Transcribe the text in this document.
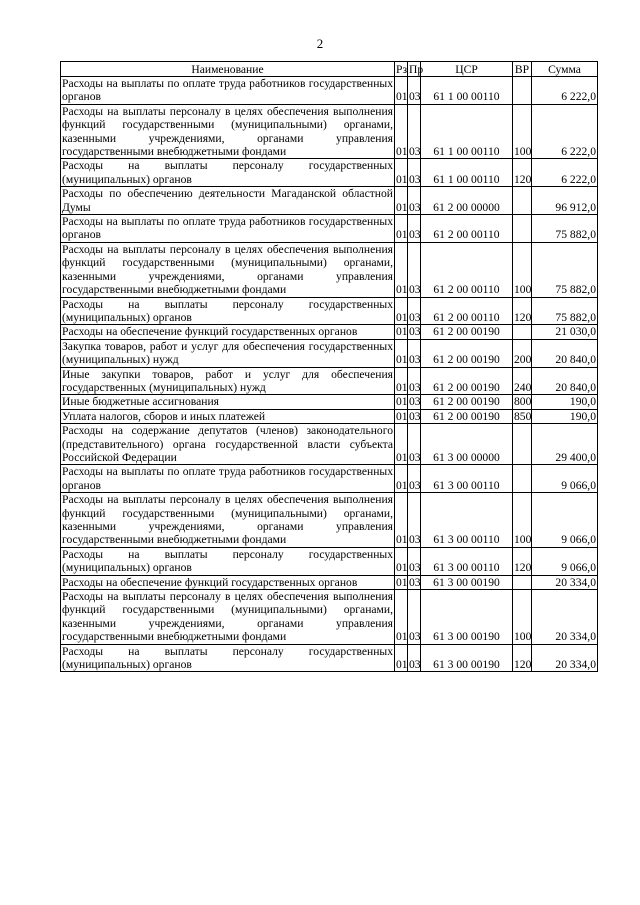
2
Наименование	Рз	Пр	ЦСР	ВР	Сумма
Расходы на выплаты по оплате труда работников государственных органов	01	03	61 1 00 00110		6 222,0
Расходы на выплаты персоналу в целях обеспечения выполнения функций государственными (муниципальными) органами, казенными учреждениями, органами управления государственными внебюджетными фондами	01	03	61 1 00 00110	100	6 222,0
Расходы на выплаты персоналу государственных (муниципальных) органов	01	03	61 1 00 00110	120	6 222,0
Расходы по обеспечению деятельности Магаданской областной Думы	01	03	61 2 00 00000		96 912,0
Расходы на выплаты по оплате труда работников государственных органов	01	03	61 2 00 00110		75 882,0
Расходы на выплаты персоналу в целях обеспечения выполнения функций государственными (муниципальными) органами, казенными учреждениями, органами управления государственными внебюджетными фондами	01	03	61 2 00 00110	100	75 882,0
Расходы на выплаты персоналу государственных (муниципальных) органов	01	03	61 2 00 00110	120	75 882,0
Расходы на обеспечение функций государственных органов	01	03	61 2 00 00190		21 030,0
Закупка товаров, работ и услуг для обеспечения государственных (муниципальных) нужд	01	03	61 2 00 00190	200	20 840,0
Иные закупки товаров, работ и услуг для обеспечения государственных (муниципальных) нужд	01	03	61 2 00 00190	240	20 840,0
Иные бюджетные ассигнования	01	03	61 2 00 00190	800	190,0
Уплата налогов, сборов и иных платежей	01	03	61 2 00 00190	850	190,0
Расходы на содержание депутатов (членов) законодательного (представительного) органа государственной власти субъекта Российской Федерации	01	03	61 3 00 00000		29 400,0
Расходы на выплаты по оплате труда работников государственных органов	01	03	61 3 00 00110		9 066,0
Расходы на выплаты персоналу в целях обеспечения выполнения функций государственными (муниципальными) органами, казенными учреждениями, органами управления государственными внебюджетными фондами	01	03	61 3 00 00110	100	9 066,0
Расходы на выплаты персоналу государственных (муниципальных) органов	01	03	61 3 00 00110	120	9 066,0
Расходы на обеспечение функций государственных органов	01	03	61 3 00 00190		20 334,0
Расходы на выплаты персоналу в целях обеспечения выполнения функций государственными (муниципальными) органами, казенными учреждениями, органами управления государственными внебюджетными фондами	01	03	61 3 00 00190	100	20 334,0
Расходы на выплаты персоналу государственных (муниципальных) органов	01	03	61 3 00 00190	120	20 334,0
